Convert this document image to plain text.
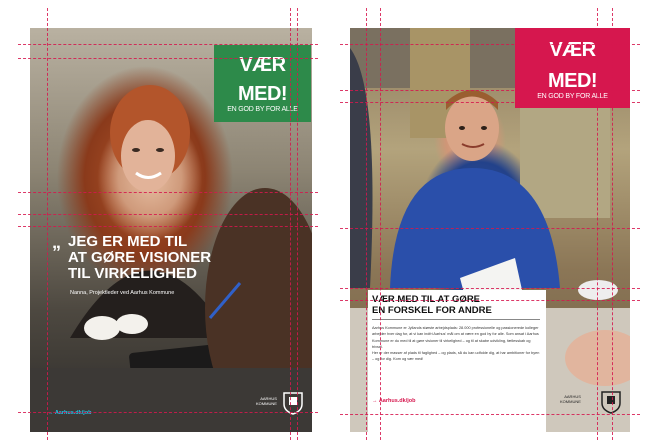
VÆR
MED!
EN GOD BY FOR ALLE
„ JEG ER MED TIL
AT GØRE VISIONER
TIL VIRKELIGHED
Nanna, Projektleder ved Aarhus Kommune
→ Aarhus.dk/job
AARHUS
KOMMUNE
VÆR
MED!
EN GOD BY FOR ALLE
VÆR MED TIL AT GØRE
EN FORSKEL FOR ANDRE
Aarhus Kommune er Jyllands største arbejdsplads: 28.000 professionelle og passionerede kolleger arbejder hver dag for, at vi kan indfri Aarhus' mål om at være en god by for alle. Som ansat i Aarhus Kommune er du med til at gøre visioner til virkelighed – og til at skabe udvikling, fællesskab og trivsel.
Her er der masser af plads til faglighed – og plads, så du kan udfolde dig, at har ambitioner for byen – og for dig. Kom og vær med!
→ Aarhus.dk/job
AARHUS
KOMMUNE
